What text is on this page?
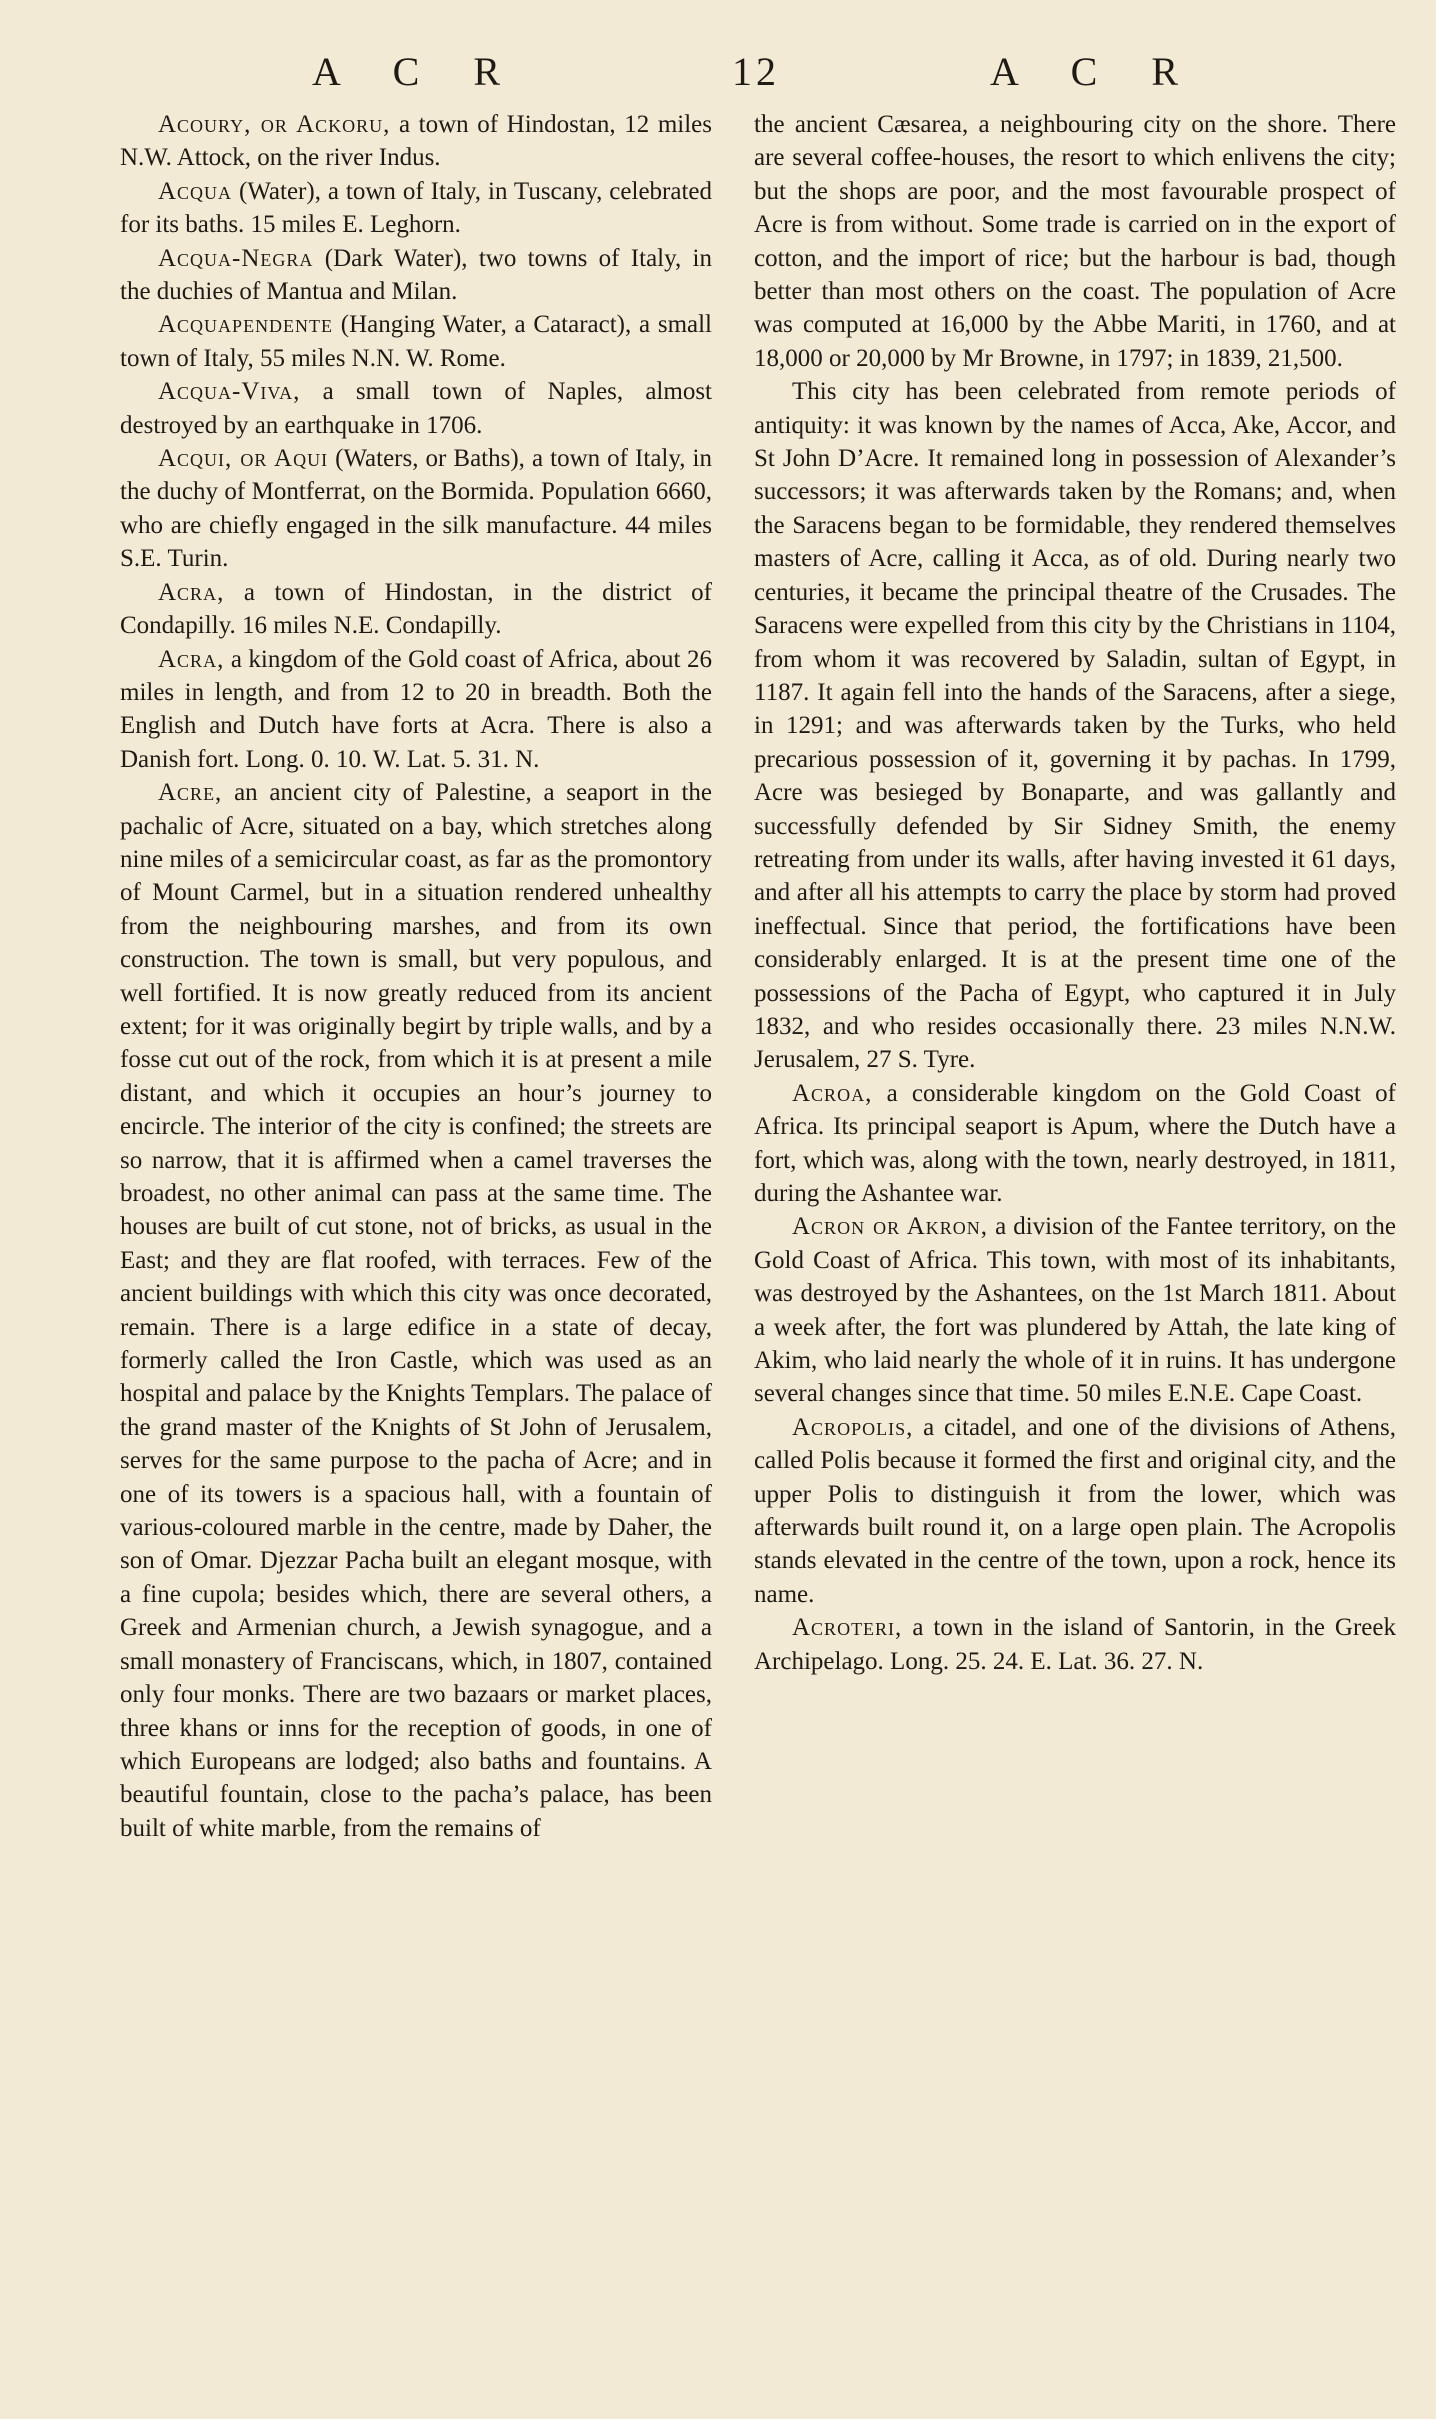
A C R	12	A C R

Acoury, or Ackoru, a town of Hindostan, 12 miles N.W. Attock, on the river Indus.

Acqua (Water), a town of Italy, in Tuscany, celebrated for its baths. 15 miles E. Leghorn.

Acqua-Negra (Dark Water), two towns of Italy, in the duchies of Mantua and Milan.

Acquapendente (Hanging Water, a Cataract), a small town of Italy, 55 miles N.N. W. Rome.

Acqua-Viva, a small town of Naples, almost destroyed by an earthquake in 1706.

Acqui, or Aqui (Waters, or Baths), a town of Italy, in the duchy of Montferrat, on the Bormida. Population 6660, who are chiefly engaged in the silk manufacture. 44 miles S.E. Turin.

Acra, a town of Hindostan, in the district of Condapilly. 16 miles N.E. Condapilly.

Acra, a kingdom of the Gold coast of Africa, about 26 miles in length, and from 12 to 20 in breadth. Both the English and Dutch have forts at Acra. There is also a Danish fort. Long. 0. 10. W. Lat. 5. 31. N.

Acre, an ancient city of Palestine, a seaport in the pachalic of Acre, situated on a bay, which stretches along nine miles of a semicircular coast, as far as the promontory of Mount Carmel, but in a situation rendered unhealthy from the neighbouring marshes, and from its own construction. The town is small, but very populous, and well fortified. It is now greatly reduced from its ancient extent; for it was originally begirt by triple walls, and by a fosse cut out of the rock, from which it is at present a mile distant, and which it occupies an hour’s journey to encircle. The interior of the city is confined; the streets are so narrow, that it is affirmed when a camel traverses the broadest, no other animal can pass at the same time. The houses are built of cut stone, not of bricks, as usual in the East; and they are flat roofed, with terraces. Few of the ancient buildings with which this city was once decorated, remain. There is a large edifice in a state of decay, formerly called the Iron Castle, which was used as an hospital and palace by the Knights Templars. The palace of the grand master of the Knights of St John of Jerusalem, serves for the same purpose to the pacha of Acre; and in one of its towers is a spacious hall, with a fountain of various-coloured marble in the centre, made by Daher, the son of Omar. Djezzar Pacha built an elegant mosque, with a fine cupola; besides which, there are several others, a Greek and Armenian church, a Jewish synagogue, and a small monastery of Franciscans, which, in 1807, contained only four monks. There are two bazaars or market places, three khans or inns for the reception of goods, in one of which Europeans are lodged; also baths and fountains. A beautiful fountain, close to the pacha’s palace, has been built of white marble, from the remains of

the ancient Cæsarea, a neighbouring city on the shore. There are several coffee-houses, the resort to which enlivens the city; but the shops are poor, and the most favourable prospect of Acre is from without. Some trade is carried on in the export of cotton, and the import of rice; but the harbour is bad, though better than most others on the coast. The population of Acre was computed at 16,000 by the Abbe Mariti, in 1760, and at 18,000 or 20,000 by Mr Browne, in 1797; in 1839, 21,500.

This city has been celebrated from remote periods of antiquity: it was known by the names of Acca, Ake, Accor, and St John D’Acre. It remained long in possession of Alexander’s successors; it was afterwards taken by the Romans; and, when the Saracens began to be formidable, they rendered themselves masters of Acre, calling it Acca, as of old. During nearly two centuries, it became the principal theatre of the Crusades. The Saracens were expelled from this city by the Christians in 1104, from whom it was recovered by Saladin, sultan of Egypt, in 1187. It again fell into the hands of the Saracens, after a siege, in 1291; and was afterwards taken by the Turks, who held precarious possession of it, governing it by pachas. In 1799, Acre was besieged by Bonaparte, and was gallantly and successfully defended by Sir Sidney Smith, the enemy retreating from under its walls, after having invested it 61 days, and after all his attempts to carry the place by storm had proved ineffectual. Since that period, the fortifications have been considerably enlarged. It is at the present time one of the possessions of the Pacha of Egypt, who captured it in July 1832, and who resides occasionally there. 23 miles N.N.W. Jerusalem, 27 S. Tyre.

Acroa, a considerable kingdom on the Gold Coast of Africa. Its principal seaport is Apum, where the Dutch have a fort, which was, along with the town, nearly destroyed, in 1811, during the Ashantee war.

Acron or Akron, a division of the Fantee territory, on the Gold Coast of Africa. This town, with most of its inhabitants, was destroyed by the Ashantees, on the 1st March 1811. About a week after, the fort was plundered by Attah, the late king of Akim, who laid nearly the whole of it in ruins. It has undergone several changes since that time. 50 miles E.N.E. Cape Coast.

Acropolis, a citadel, and one of the divisions of Athens, called Polis because it formed the first and original city, and the upper Polis to distinguish it from the lower, which was afterwards built round it, on a large open plain. The Acropolis stands elevated in the centre of the town, upon a rock, hence its name.

Acroteri, a town in the island of Santorin, in the Greek Archipelago. Long. 25. 24. E. Lat. 36. 27. N.
